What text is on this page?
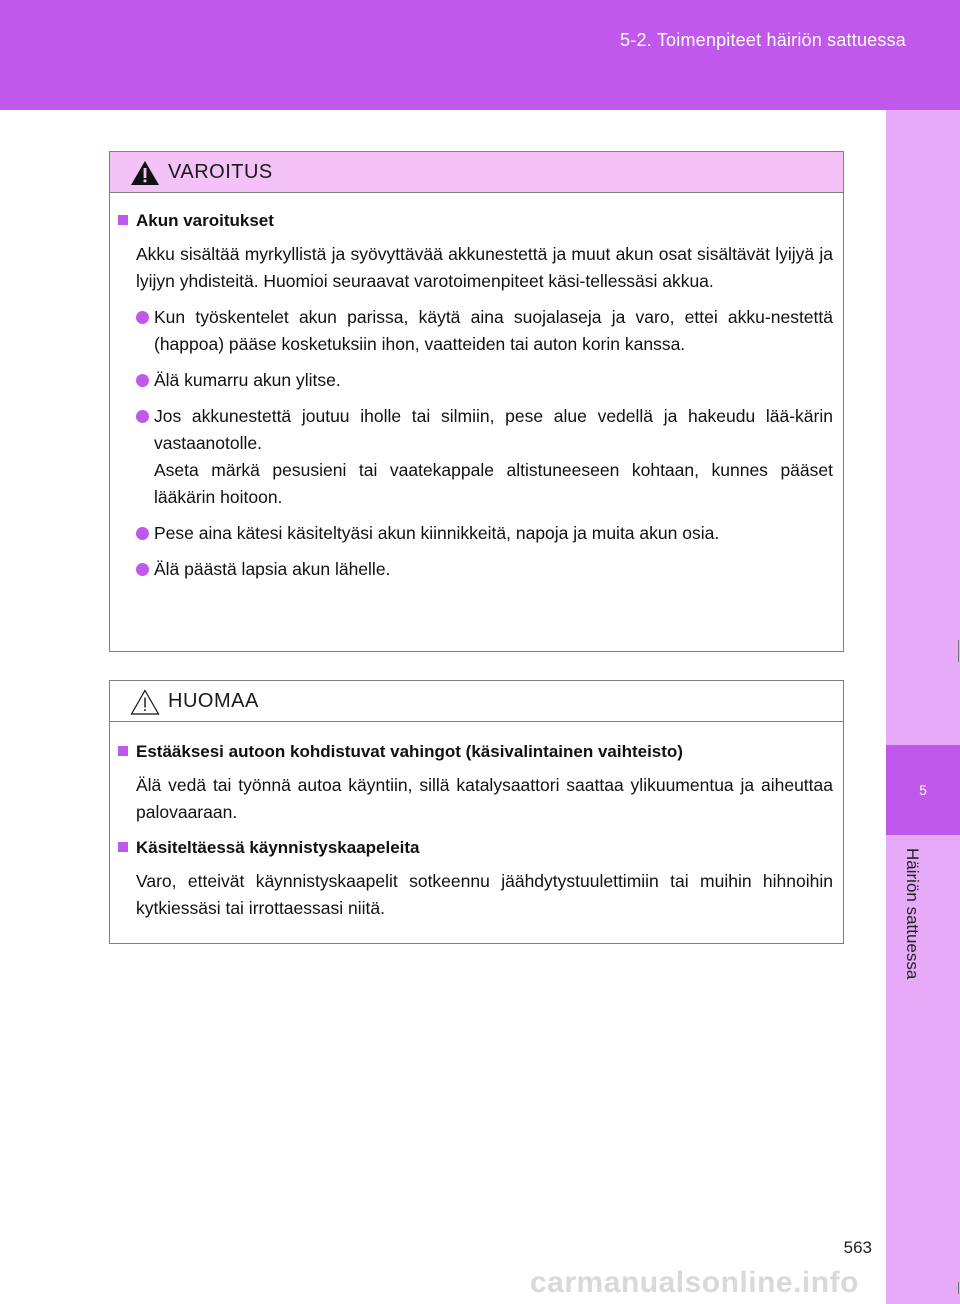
5-2. Toimenpiteet häiriön sattuessa
5
Häiriön sattuessa
VAROITUS
Akun varoitukset
Akku sisältää myrkyllistä ja syövyttävää akkunestettä ja muut akun osat sisältävät lyijyä ja lyijyn yhdisteitä. Huomioi seuraavat varotoimenpiteet käsi-tellessäsi akkua.
Kun työskentelet akun parissa, käytä aina suojalaseja ja varo, ettei akku-nestettä (happoa) pääse kosketuksiin ihon, vaatteiden tai auton korin kanssa.
Älä kumarru akun ylitse.
Jos akkunestettä joutuu iholle tai silmiin, pese alue vedellä ja hakeudu lää-kärin vastaanotolle.
Aseta märkä pesusieni tai vaatekappale altistuneeseen kohtaan, kunnes pääset lääkärin hoitoon.
Pese aina kätesi käsiteltyäsi akun kiinnikkeitä, napoja ja muita akun osia.
Älä päästä lapsia akun lähelle.
HUOMAA
Estääksesi autoon kohdistuvat vahingot (käsivalintainen vaihteisto)
Älä vedä tai työnnä autoa käyntiin, sillä katalysaattori saattaa ylikuumentua ja aiheuttaa palovaaraan.
Käsiteltäessä käynnistyskaapeleita
Varo, etteivät käynnistyskaapelit sotkeennu jäähdytystuulettimiin tai muihin hihnoihin kytkiessäsi tai irrottaessasi niitä.
563
carmanualsonline.info
